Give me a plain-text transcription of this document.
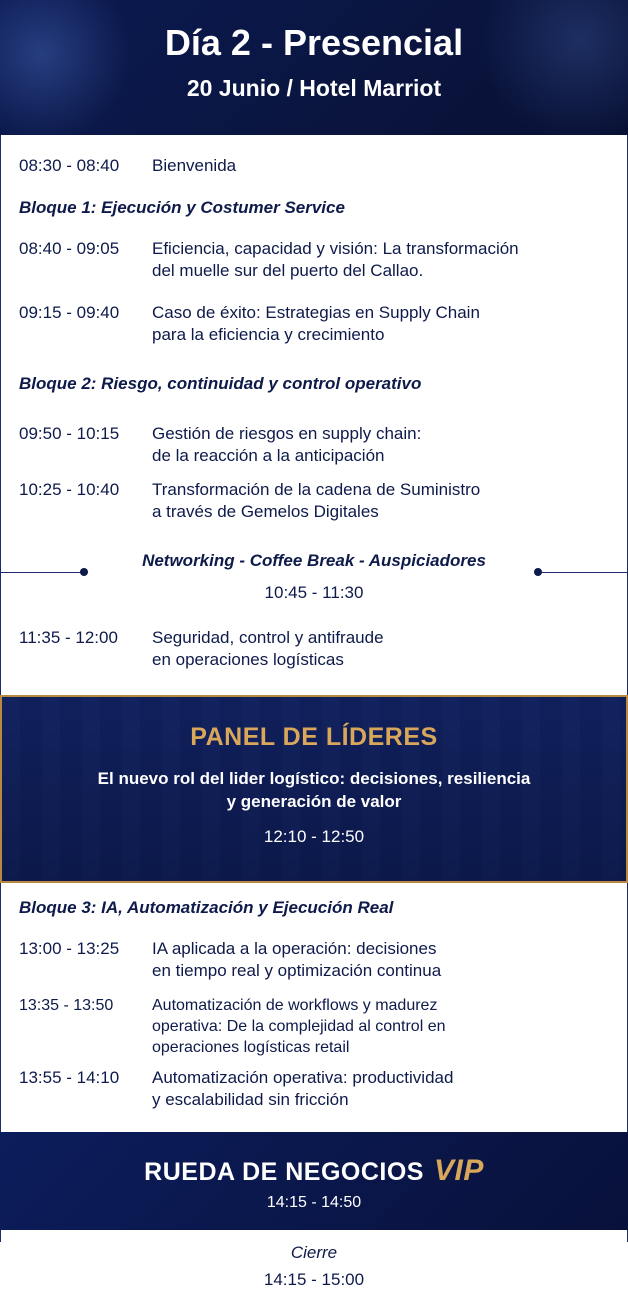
Día 2 - Presencial
20 Junio / Hotel Marriot
08:30 - 08:40	Bienvenida
Bloque 1: Ejecución y Costumer Service
08:40 - 09:05	Eficiencia, capacidad y visión: La transformación
del muelle sur del puerto del Callao.
09:15 - 09:40	Caso de éxito: Estrategias en Supply Chain
para la eficiencia y crecimiento
Bloque 2: Riesgo, continuidad y control operativo
09:50 - 10:15	Gestión de riesgos en supply chain:
de la reacción a la anticipación
10:25 - 10:40	Transformación de la cadena de Suministro
a través de Gemelos Digitales
Networking - Coffee Break - Auspiciadores
10:45 - 11:30
11:35 - 12:00	Seguridad, control y antifraude
en operaciones logísticas
PANEL DE LÍDERES
El nuevo rol del lider logístico: decisiones, resiliencia
y generación de valor
12:10 - 12:50
Bloque 3: IA, Automatización y Ejecución Real
13:00 - 13:25	IA aplicada a la operación: decisiones
en tiempo real y optimización continua
13:35 - 13:50	Automatización de workflows y madurez
operativa: De la complejidad al control en
operaciones logísticas retail
13:55 - 14:10	Automatización operativa: productividad
y escalabilidad sin fricción
RUEDA DE NEGOCIOS VIP
14:15 - 14:50
Cierre
14:15 - 15:00
